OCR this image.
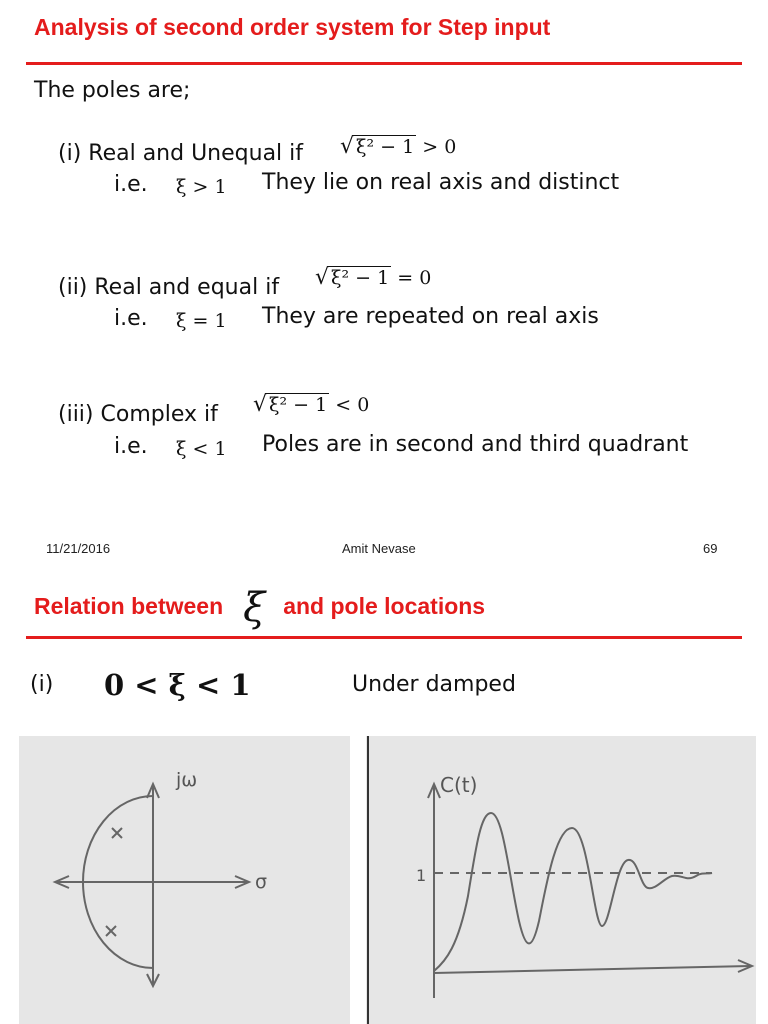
Analysis of second order system for Step input
The poles are;
(i) Real and Unequal if √ ξ² − 1 > 0
i.e. ξ > 1 They lie on real axis and distinct
(ii) Real and equal if √ ξ² − 1 = 0
i.e. ξ = 1 They are repeated on real axis
(iii) Complex if √ ξ² − 1 < 0
i.e. ξ < 1 Poles are in second and third quadrant
11/21/2016	Amit Nevase	69
Relation between ξ and pole locations
(i) 0 < ξ < 1	Under damped
jω
σ
C(t)
1
